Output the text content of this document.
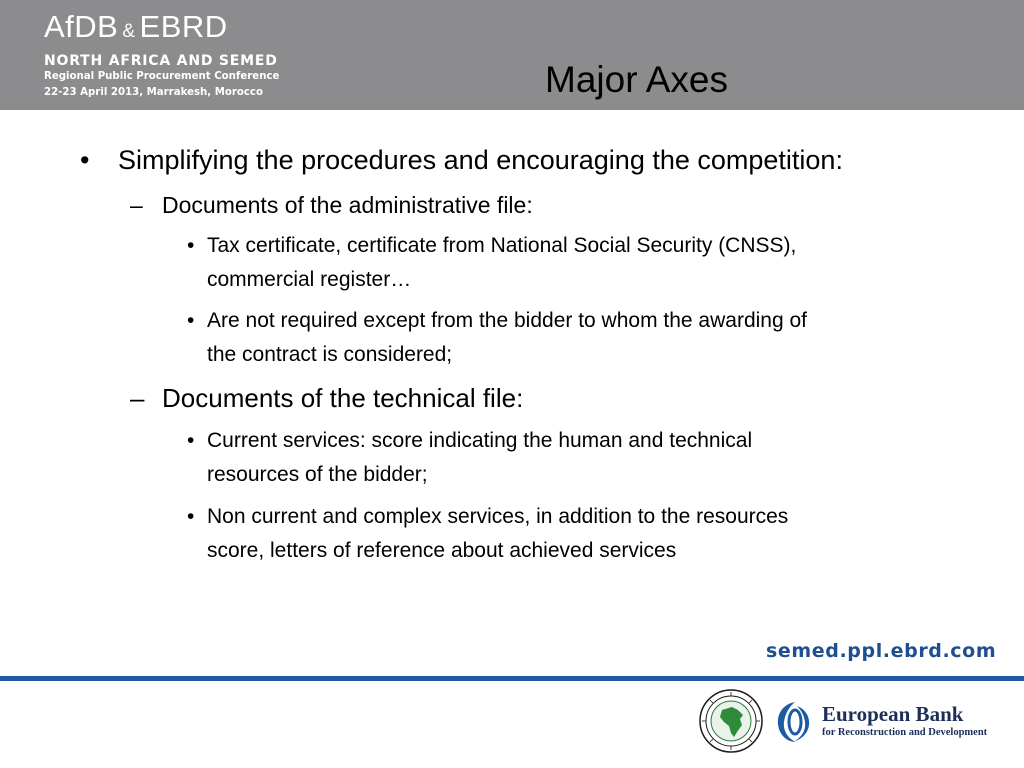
AfDB & EBRD
NORTH AFRICA AND SEMED
Regional Public Procurement Conference
22-23 April 2013, Marrakesh, Morocco	Major Axes
• Simplifying the procedures and encouraging the competition:
– Documents of the administrative file:
• Tax certificate, certificate from National Social Security (CNSS),
commercial register…
• Are not required except from the bidder to whom the awarding of
the contract is considered;
– Documents of the technical file:
• Current services: score indicating the human and technical
resources of the bidder;
• Non current and complex services, in addition to the resources
score, letters of reference about achieved services
semed.ppl.ebrd.com
European Bank
for Reconstruction and Development
